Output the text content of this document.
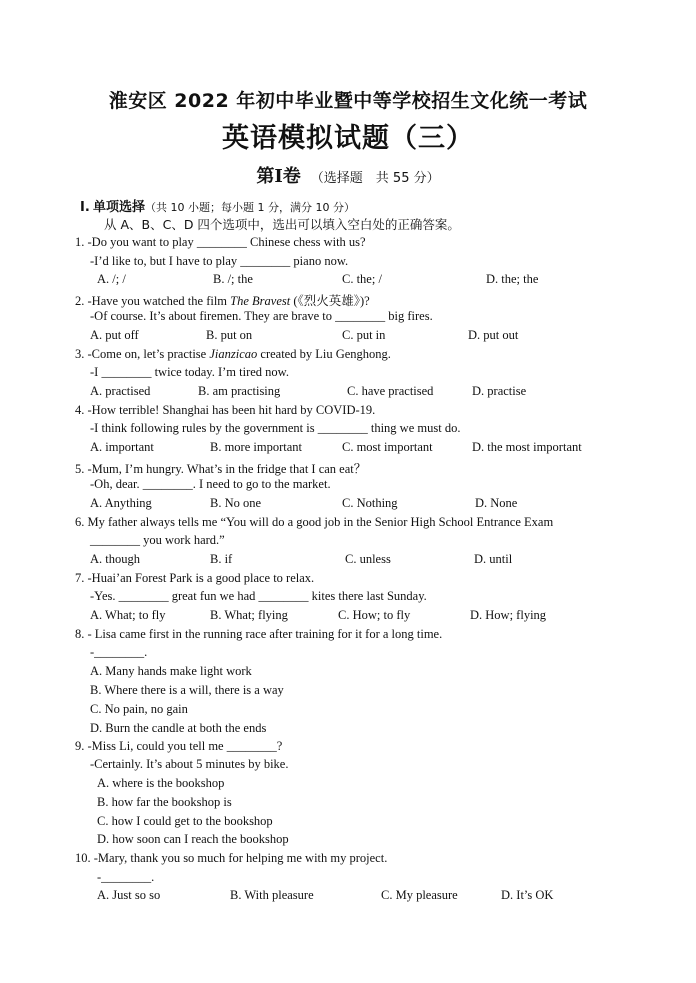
淮安区 2022 年初中毕业暨中等学校招生文化统一考试
英语模拟试题（三）
第Ⅰ卷 （选择题　共 55 分）
Ⅰ. 单项选择（共 10 小题；每小题 1 分，满分 10 分）
从 A、B、C、D 四个选项中，选出可以填入空白处的正确答案。
1. -Do you want to play ________ Chinese chess with us?
-I’d like to, but I have to play ________ piano now.
A. /; /	B. /; the	C. the; /	D. the; the
2. -Have you watched the film The Bravest (《烈火英雄》)?
-Of course. It’s about firemen. They are brave to ________ big fires.
A. put off	B. put on	C. put in	D. put out
3. -Come on, let’s practise Jianzicao created by Liu Genghong.
-I ________ twice today. I’m tired now.
A. practised	B. am practising	C. have practised	D. practise
4. -How terrible! Shanghai has been hit hard by COVID-19.
-I think following rules by the government is ________ thing we must do.
A. important	B. more important	C. most important	D. the most important
5. -Mum, I’m hungry. What’s in the fridge that I can eat？
-Oh, dear. ________. I need to go to the market.
A. Anything	B. No one	C. Nothing	D. None
6. My father always tells me “You will do a good job in the Senior High School Entrance Exam
________ you work hard.”
A. though	B. if	C. unless	D. until
7. -Huai’an Forest Park is a good place to relax.
-Yes. ________ great fun we had ________ kites there last Sunday.
A. What; to fly	B. What; flying	C. How; to fly	D. How; flying
8. - Lisa came first in the running race after training for it for a long time.
-________.
A. Many hands make light work
B. Where there is a will, there is a way
C. No pain, no gain
D. Burn the candle at both the ends
9. -Miss Li, could you tell me ________?
-Certainly. It’s about 5 minutes by bike.
A. where is the bookshop
B. how far the bookshop is
C. how I could get to the bookshop
D. how soon can I reach the bookshop
10. -Mary, thank you so much for helping me with my project.
-________.
A. Just so so	B. With pleasure	C. My pleasure	D. It’s OK
